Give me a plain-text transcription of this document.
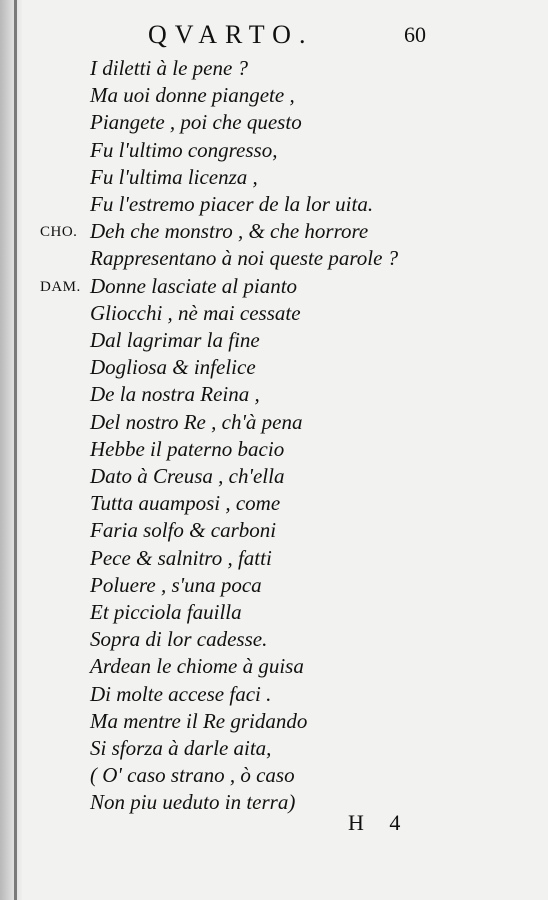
QVARTO.	60
I diletti à le pene ?
Ma uoi donne piangete ,
Piangete , poi che questo
Fu l'ultimo congresso,
Fu l'ultima licenza ,
Fu l'estremo piacer de la lor uita.
CHO. Deh che monstro , & che horrore
Rappresentano à noi queste parole ?
DAM. Donne lasciate al pianto
Gliocchi , nè mai cessate
Dal lagrimar la fine
Dogliosa & infelice
De la nostra Reina ,
Del nostro Re , ch'à pena
Hebbe il paterno bacio
Dato à Creusa , ch'ella
Tutta auamposi , come
Faria solfo & carboni
Pece & salnitro , fatti
Poluere , s'una poca
Et picciola fauilla
Sopra di lor cadesse.
Ardean le chiome à guisa
Di molte accese faci .
Ma mentre il Re gridando
Si sforza à darle aita,
( O' caso strano , ò caso
Non piu ueduto in terra)
H 4
